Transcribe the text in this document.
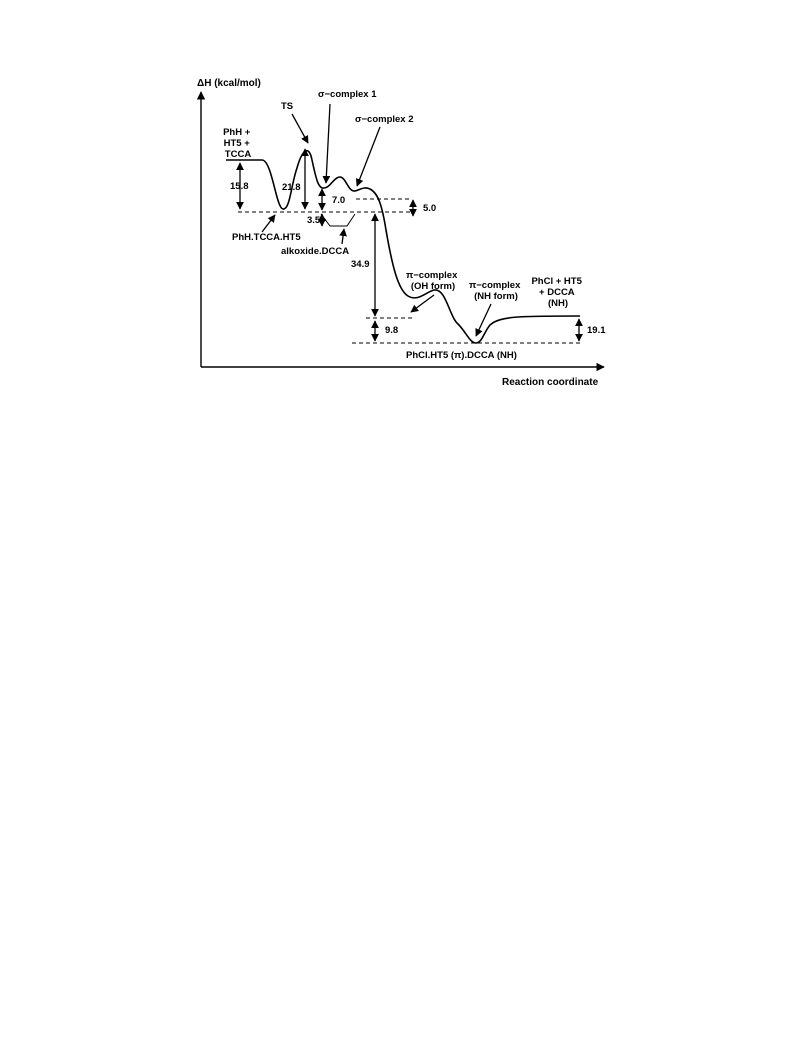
ΔH (kcal/mol)
Reaction coordinate
PhH + HT5 + TCCA
TS
σ−complex 1
σ−complex 2
PhH.TCCA.HT5
alkoxide.DCCA
π−complex (OH form)	π−complex (NH form)
PhCl + HT5 + DCCA (NH)
PhCl.HT5 (π).DCCA (NH)
15.8	21.8
7.0
3.5
5.0
34.9
9.8	19.1
